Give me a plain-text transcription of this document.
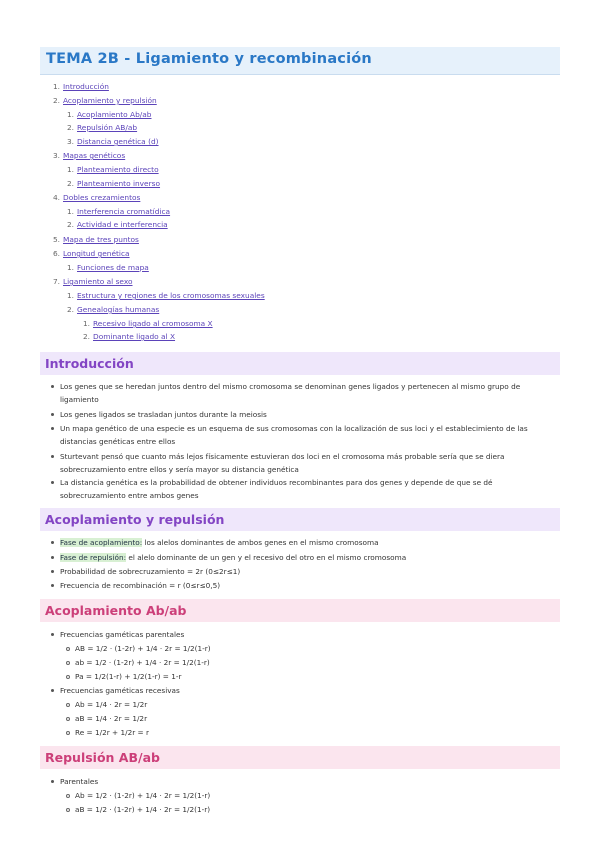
TEMA 2B - Ligamiento y recombinación
1. Introducción
2. Acoplamiento y repulsión
1. Acoplamiento Ab/ab
2. Repulsión AB/ab
3. Distancia genética (d)
3. Mapas genéticos
1. Planteamiento directo
2. Planteamiento inverso
4. Dobles crezamientos
1. Interferencia cromatídica
2. Actividad e interferencia
5. Mapa de tres puntos
6. Longitud genética
1. Funciones de mapa
7. Ligamiento al sexo
1. Estructura y regiones de los cromosomas sexuales
2. Genealogías humanas
1. Recesivo ligado al cromosoma X
2. Dominante ligado al X
Introducción
Los genes que se heredan juntos dentro del mismo cromosoma se denominan genes ligados y pertenecen al mismo grupo de ligamiento
Los genes ligados se trasladan juntos durante la meiosis
Un mapa genético de una especie es un esquema de sus cromosomas con la localización de sus loci y el establecimiento de las distancias genéticas entre ellos
Sturtevant pensó que cuanto más lejos físicamente estuvieran dos loci en el cromosoma más probable sería que se diera sobrecruzamiento entre ellos y sería mayor su distancia genética
La distancia genética es la probabilidad de obtener individuos recombinantes para dos genes y depende de que se dé sobrecruzamiento entre ambos genes
Acoplamiento y repulsión
Fase de acoplamiento: los alelos dominantes de ambos genes en el mismo cromosoma
Fase de repulsión: el alelo dominante de un gen y el recesivo del otro en el mismo cromosoma
Probabilidad de sobrecruzamiento = 2r (0≤2r≤1)
Frecuencia de recombinación = r (0≤r≤0,5)
Acoplamiento Ab/ab
Frecuencias gaméticas parentales
AB = 1/2 · (1-2r) + 1/4 · 2r = 1/2(1-r)
ab = 1/2 · (1-2r) + 1/4 · 2r = 1/2(1-r)
Pa = 1/2(1-r) + 1/2(1-r) = 1-r
Frecuencias gaméticas recesivas
Ab = 1/4 · 2r = 1/2r
aB = 1/4 · 2r = 1/2r
Re = 1/2r + 1/2r = r
Repulsión AB/ab
Parentales
Ab = 1/2 · (1-2r) + 1/4 · 2r = 1/2(1-r)
aB = 1/2 · (1-2r) + 1/4 · 2r = 1/2(1-r)
